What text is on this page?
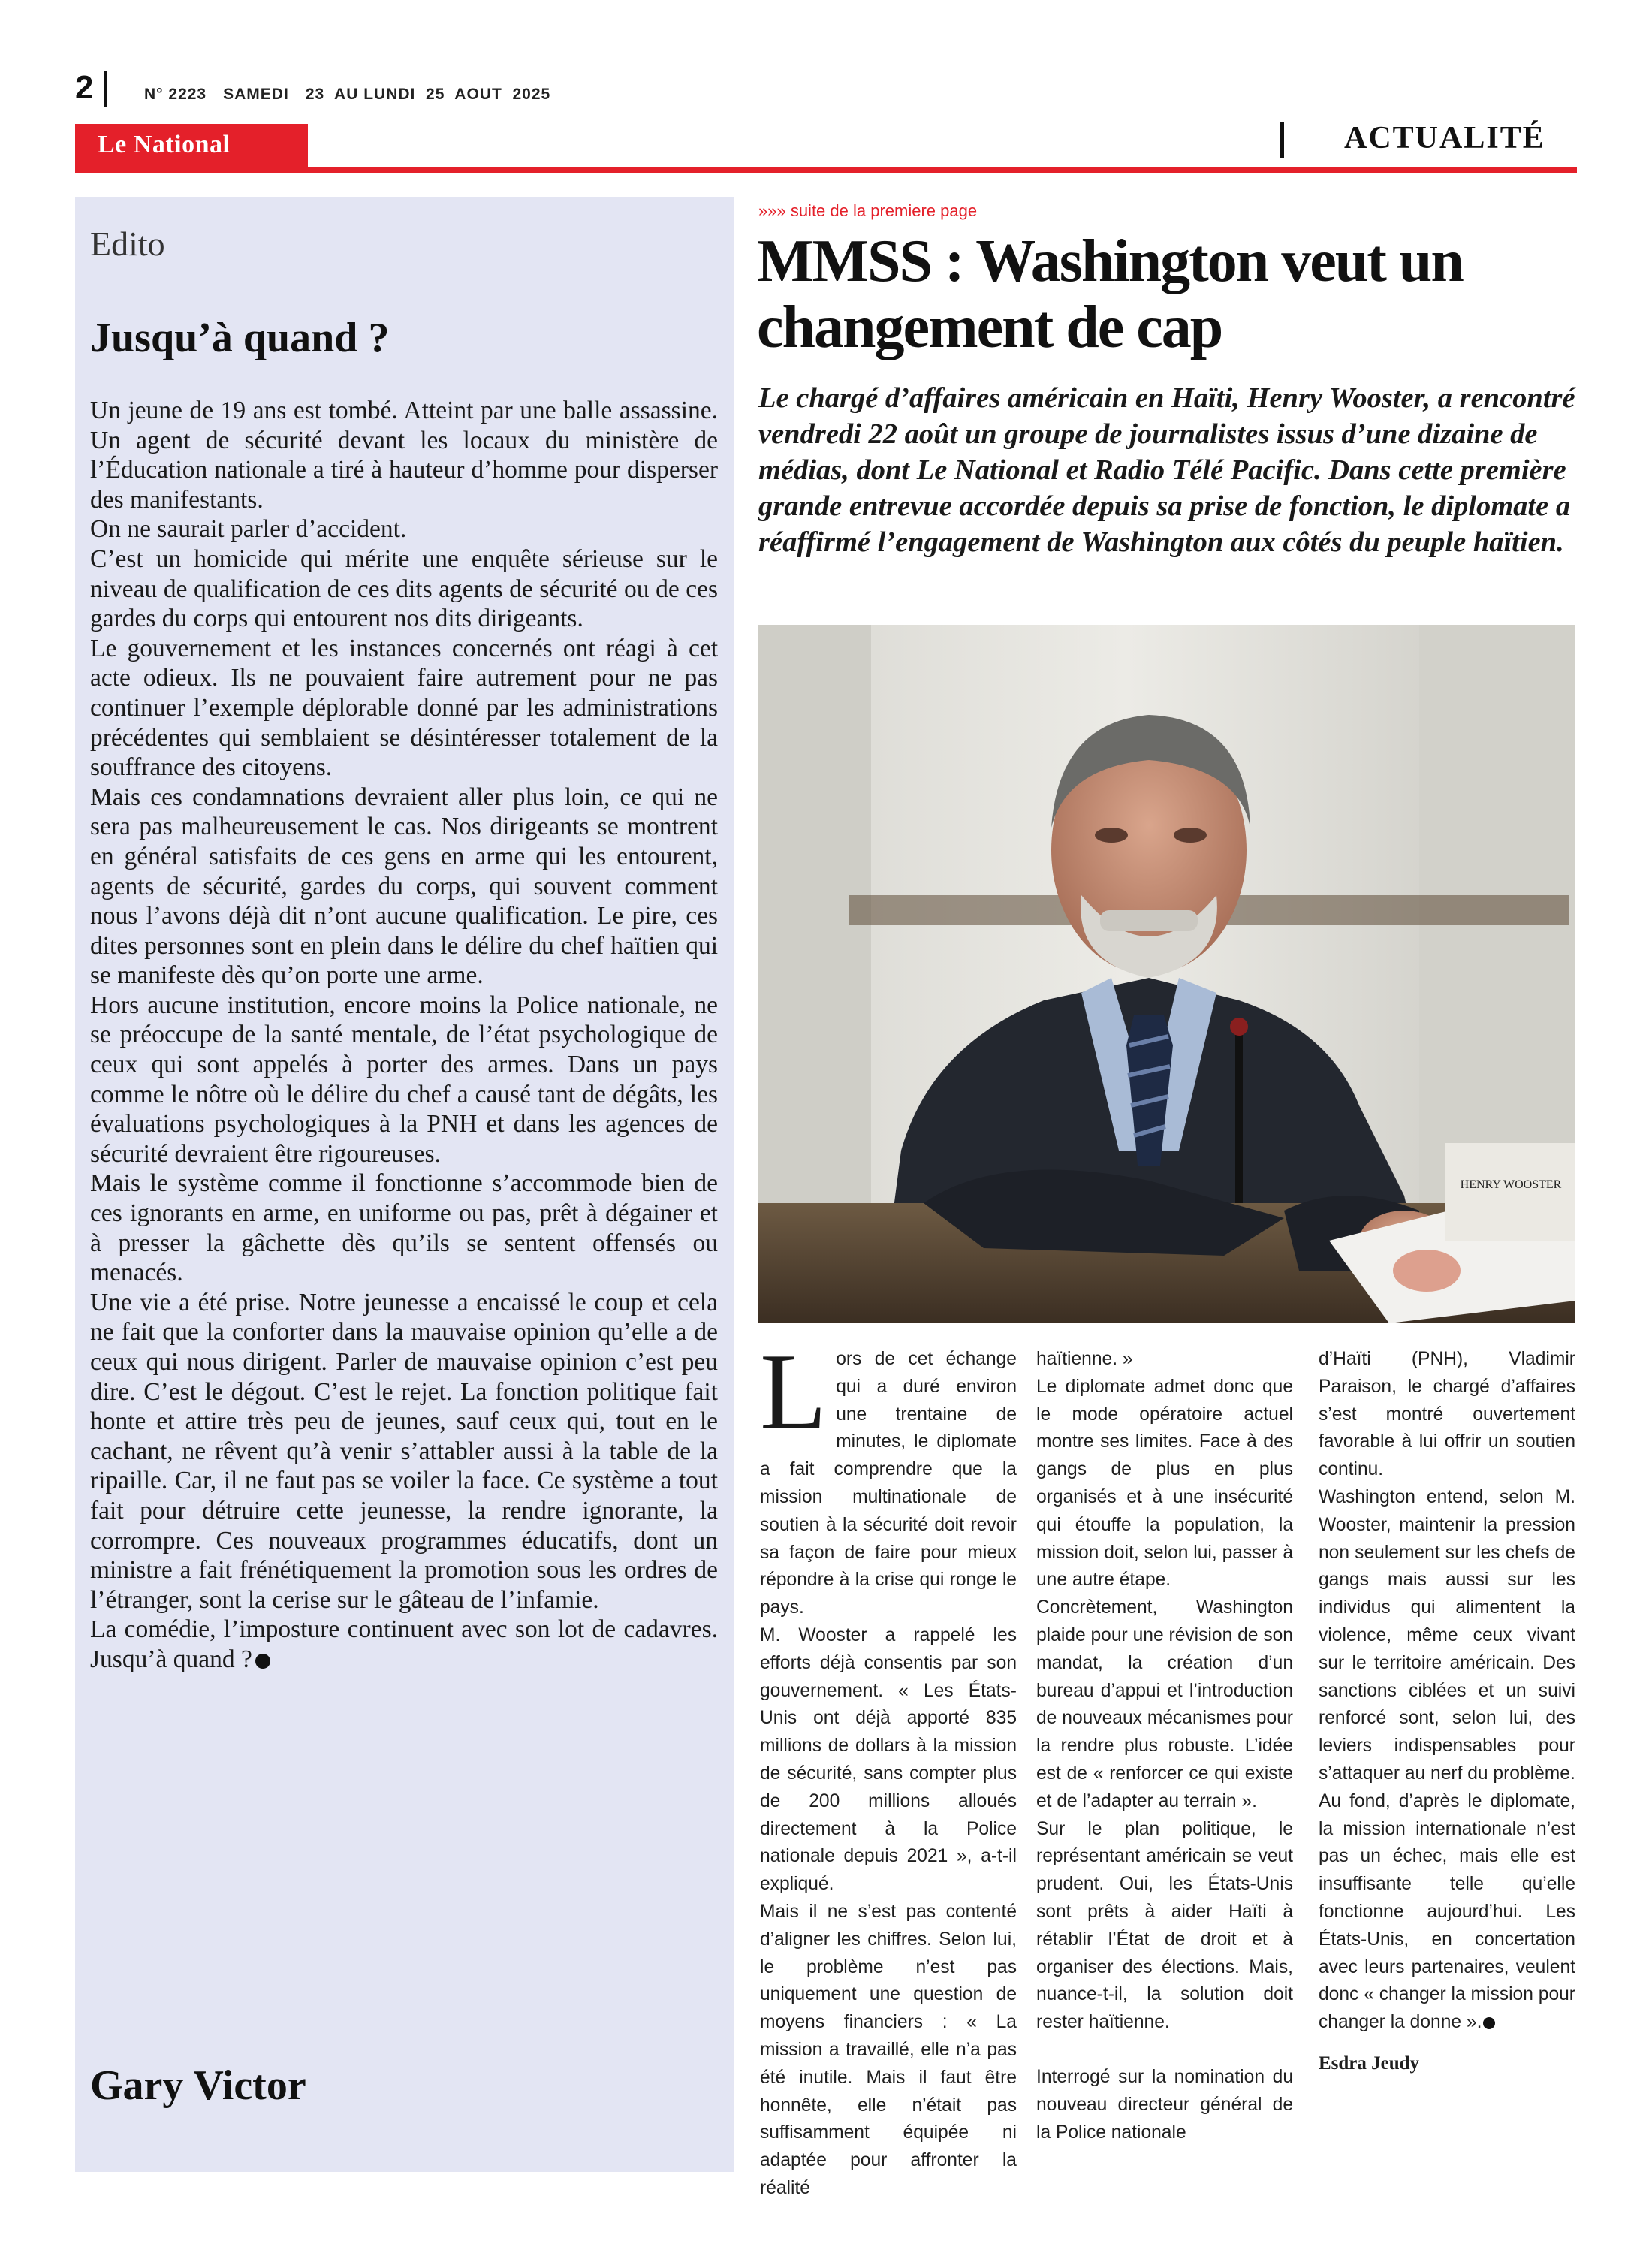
2	N° 2223 SAMEDI 23  AU LUNDI  25  AOUT  2025
Le National	ACTUALITÉ
Edito
Jusqu’à quand ?

Un jeune de 19 ans est tombé. Atteint par une balle assassine. Un agent de sécurité devant les locaux du ministère de l’Éducation nationale a tiré à hauteur d’homme pour disperser des manifestants.

On ne saurait parler d’accident.

C’est un homicide qui mérite une enquête sérieuse sur le niveau de qualification de ces dits agents de sécurité ou de ces gardes du corps qui entourent nos dits dirigeants.

Le gouvernement et les instances concernés ont réagi à cet acte odieux. Ils ne pouvaient faire autrement pour ne pas continuer l’exemple déplorable donné par les administrations précédentes qui semblaient se désintéresser totalement de la souffrance des citoyens.

Mais ces condamnations devraient aller plus loin, ce qui ne sera pas malheureusement le cas. Nos dirigeants se montrent en général satisfaits de ces gens en arme qui les entourent, agents de sécurité, gardes du corps, qui souvent comment nous l’avons déjà dit n’ont aucune qualification. Le pire, ces dites personnes sont en plein dans le délire du chef haïtien qui se manifeste dès qu’on porte une arme.

Hors aucune institution, encore moins la Police nationale, ne se préoccupe de la santé mentale, de l’état psychologique de ceux qui sont appelés à porter des armes. Dans un pays comme le nôtre où le délire du chef a causé tant de dégâts, les évaluations psychologiques à la PNH et dans les agences de sécurité devraient être rigoureuses.

Mais le système comme il fonctionne s’accommode bien de ces ignorants en arme, en uniforme ou pas, prêt à dégainer et à presser la gâchette dès qu’ils se sentent offensés ou menacés.

Une vie a été prise. Notre jeunesse a encaissé le coup et cela ne fait que la conforter dans la mauvaise opinion qu’elle a de ceux qui nous dirigent. Parler de mauvaise opinion c’est peu dire. C’est le dégout. C’est le rejet. La fonction politique fait honte et attire très peu de jeunes, sauf ceux qui, tout en le cachant, ne rêvent qu’à venir s’attabler aussi à la table de la ripaille. Car, il ne faut pas se voiler la face. Ce système a tout fait pour détruire cette jeunesse, la rendre ignorante, la corrompre. Ces nouveaux programmes éducatifs, dont un ministre a fait frénétiquement la promotion sous les ordres de l’étranger, sont la cerise sur le gâteau de l’infamie.

La comédie, l’imposture continuent avec son lot de cadavres. Jusqu’à quand ?

Gary Victor
»»» suite de la premiere page
MMSS : Washington veut un changement de cap
Le chargé d’affaires américain en Haïti, Henry Wooster, a rencontré vendredi 22 août un groupe de journalistes issus d’une dizaine de médias, dont Le National et Radio Télé Pacific. Dans cette première grande entrevue accordée depuis sa prise de fonction, le diplomate a réaffirmé l’engagement de Washington aux côtés du peuple haïtien.
HENRY WOOSTER

Lors de cet échange qui a duré environ une trentaine de minutes, le diplomate a fait comprendre que la mission multinationale de soutien à la sécurité doit revoir sa façon de faire pour mieux répondre à la crise qui ronge le pays.

M. Wooster a rappelé les efforts déjà consentis par son gouvernement. « Les États-Unis ont déjà apporté 835 millions de dollars à la mission de sécurité, sans compter plus de 200 millions alloués directement à la Police nationale depuis 2021 », a-t-il expliqué.

Mais il ne s’est pas contenté d’aligner les chiffres. Selon lui, le problème n’est pas uniquement une question de moyens financiers : « La mission a travaillé, elle n’a pas été inutile. Mais il faut être honnête, elle n’était pas suffisamment équipée ni adaptée pour affronter la réalité

haïtienne. »

Le diplomate admet donc que le mode opératoire actuel montre ses limites. Face à des gangs de plus en plus organisés et à une insécurité qui étouffe la population, la mission doit, selon lui, passer à une autre étape.

Concrètement, Washington plaide pour une révision de son mandat, la création d’un bureau d’appui et l’introduction de nouveaux mécanismes pour la rendre plus robuste. L’idée est de « renforcer ce qui existe et de l’adapter au terrain ».

Sur le plan politique, le représentant américain se veut prudent. Oui, les États-Unis sont prêts à aider Haïti à rétablir l’État de droit et à organiser des élections. Mais, nuance-t-il, la solution doit rester haïtienne.

Interrogé sur la nomination du nouveau directeur général de la Police nationale

d’Haïti (PNH), Vladimir Paraison, le chargé d’affaires s’est montré ouvertement favorable à lui offrir un soutien continu.

Washington entend, selon M. Wooster, maintenir la pression non seulement sur les chefs de gangs mais aussi sur les individus qui alimentent la violence, même ceux vivant sur le territoire américain. Des sanctions ciblées et un suivi renforcé sont, selon lui, des leviers indispensables pour s’attaquer au nerf du problème.

Au fond, d’après le diplomate, la mission internationale n’est pas un échec, mais elle est insuffisante telle qu’elle fonctionne aujourd’hui. Les États-Unis, en concertation avec leurs partenaires, veulent donc « changer la mission pour changer la donne ».

Esdra Jeudy
